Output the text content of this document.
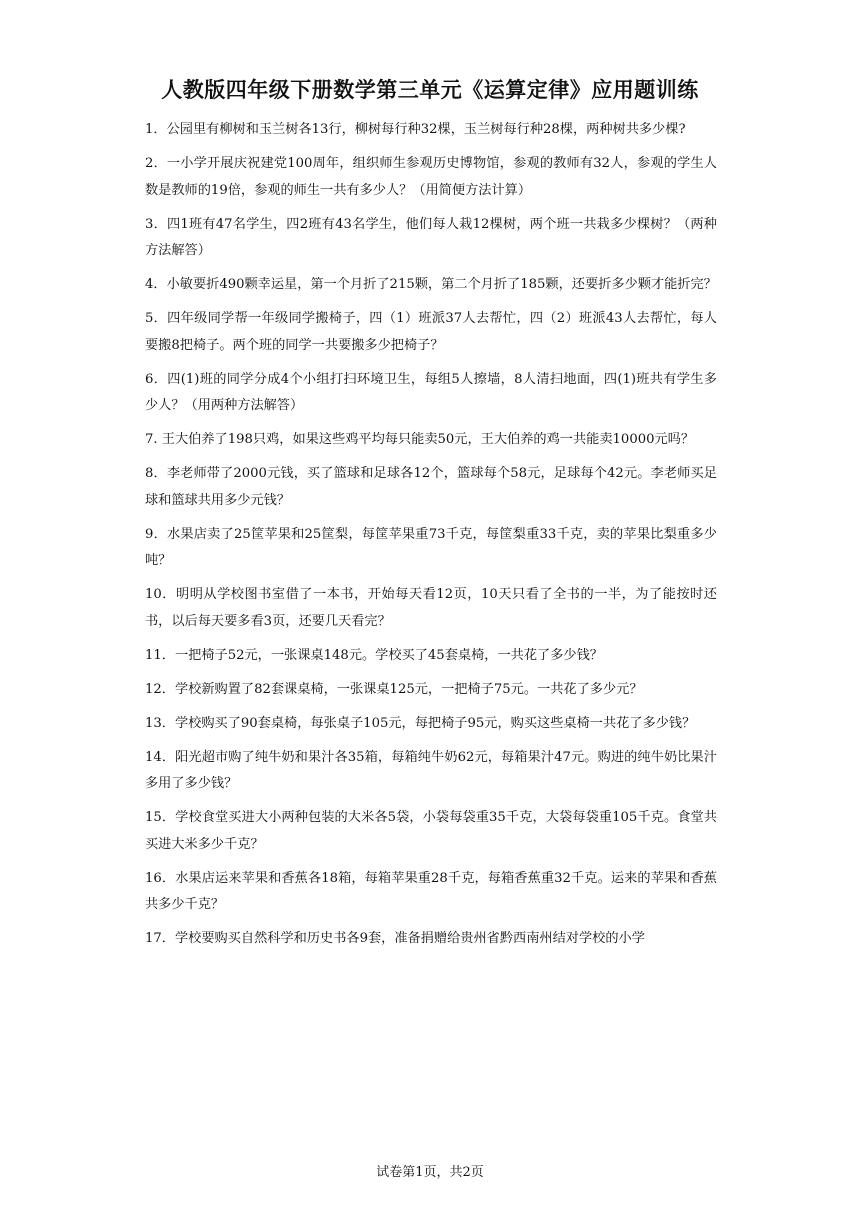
人教版四年级下册数学第三单元《运算定律》应用题训练
1．公园里有柳树和玉兰树各13行，柳树每行种32棵，玉兰树每行种28棵，两种树共多少棵?
2．一小学开展庆祝建党100周年，组织师生参观历史博物馆，参观的教师有32人，参观的学生人数是教师的19倍，参观的师生一共有多少人？（用简便方法计算）
3．四1班有47名学生，四2班有43名学生，他们每人栽12棵树，两个班一共栽多少棵树？（两种方法解答）
4．小敏要折490颗幸运星，第一个月折了215颗，第二个月折了185颗，还要折多少颗才能折完？
5．四年级同学帮一年级同学搬椅子，四（1）班派37人去帮忙，四（2）班派43人去帮忙，每人要搬8把椅子。两个班的同学一共要搬多少把椅子？
6．四(1)班的同学分成4个小组打扫环境卫生，每组5人擦墙，8人清扫地面，四(1)班共有学生多少人？（用两种方法解答）
7. 王大伯养了198只鸡，如果这些鸡平均每只能卖50元，王大伯养的鸡一共能卖10000元吗？
8．李老师带了2000元钱，买了篮球和足球各12个，篮球每个58元，足球每个42元。李老师买足球和篮球共用多少元钱？
9．水果店卖了25筐苹果和25筐梨，每筐苹果重73千克，每筐梨重33千克，卖的苹果比梨重多少吨？
10．明明从学校图书室借了一本书，开始每天看12页，10天只看了全书的一半，为了能按时还书，以后每天要多看3页，还要几天看完？
11．一把椅子52元，一张课桌148元。学校买了45套桌椅，一共花了多少钱？
12．学校新购置了82套课桌椅，一张课桌125元，一把椅子75元。一共花了多少元？
13．学校购买了90套桌椅，每张桌子105元，每把椅子95元，购买这些桌椅一共花了多少钱？
14．阳光超市购了纯牛奶和果汁各35箱，每箱纯牛奶62元，每箱果汁47元。购进的纯牛奶比果汁多用了多少钱？
15．学校食堂买进大小两种包装的大米各5袋，小袋每袋重35千克，大袋每袋重105千克。食堂共买进大米多少千克？
16．水果店运来苹果和香蕉各18箱，每箱苹果重28千克，每箱香蕉重32千克。运来的苹果和香蕉共多少千克？
17．学校要购买自然科学和历史书各9套，准备捐赠给贵州省黔西南州结对学校的小学
试卷第1页，共2页
